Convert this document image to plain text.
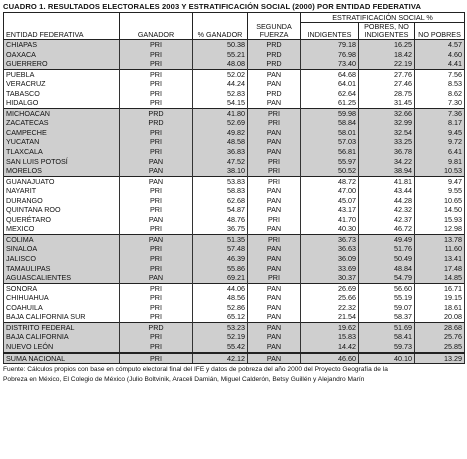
CUADRO 1. RESULTADOS ELECTORALES 2003 Y ESTRATIFICACIÓN SOCIAL (2000) POR ENTIDAD FEDERATIVA
ENTIDAD FEDERATIVA	GANADOR	% GANADOR	SEGUNDA FUERZA	ESTRATIFICACIÓN SOCIAL %		
				INDIGENTES	POBRES, NO INDIGENTES	NO POBRES
CHIAPAS	PRI	50.38	PRD	79.18	16.25	4.57
OAXACA	PRI	55.21	PRD	76.98	18.42	4.60
GUERRERO	PRI	48.08	PRD	73.40	22.19	4.41
PUEBLA	PRI	52.02	PAN	64.68	27.76	7.56
VERACRUZ	PRI	44.24	PAN	64.01	27.46	8.53
TABASCO	PRI	52.83	PRD	62.64	28.75	8.62
HIDALGO	PRI	54.15	PAN	61.25	31.45	7.30
MICHOACAN	PRD	41.80	PRI	59.98	32.66	7.36
ZACATECAS	PRD	52.69	PRI	58.84	32.99	8.17
CAMPECHE	PRI	49.82	PAN	58.01	32.54	9.45
YUCATAN	PRI	48.58	PAN	57.03	33.25	9.72
TLAXCALA	PRI	36.83	PAN	56.81	36.78	6.41
SAN LUIS POTOSÍ	PAN	47.52	PRI	55.97	34.22	9.81
MORELOS	PAN	38.10	PRI	50.52	38.94	10.53
GUANAJUATO	PAN	53.83	PRI	48.72	41.81	9.47
NAYARIT	PRI	58.83	PAN	47.00	43.44	9.55
DURANGO	PRI	62.68	PAN	45.07	44.28	10.65
QUINTANA ROO	PRI	54.87	PAN	43.17	42.32	14.50
QUERÉTARO	PAN	48.76	PRI	41.70	42.37	15.93
MEXICO	PRI	36.75	PAN	40.30	46.72	12.98
COLIMA	PAN	51.35	PRI	36.73	49.49	13.78
SINALOA	PRI	57.48	PAN	36.63	51.76	11.60
JALISCO	PRI	46.39	PAN	36.09	50.49	13.41
TAMAULIPAS	PRI	55.86	PAN	33.69	48.84	17.48
AGUASCALIENTES	PAN	69.21	PRI	30.37	54.79	14.85
SONORA	PRI	44.06	PAN	26.69	56.60	16.71
CHIHUAHUA	PRI	48.56	PAN	25.66	55.19	19.15
COAHUILA	PRI	52.86	PAN	22.32	59.07	18.61
BAJA CALIFORNIA SUR	PRI	65.12	PAN	21.54	58.37	20.08
DISTRITO FEDERAL	PRD	53.23	PAN	19.62	51.69	28.68
BAJA CALIFORNIA	PRI	52.19	PAN	15.83	58.41	25.76
NUEVO LEÓN	PRI	55.42	PAN	14.42	59.73	25.85
SUMA NACIONAL	PRI	42.12	PAN	46.60	40.10	13.29
Fuente: Cálculos propios con base en cómputo electoral final del IFE y datos de pobreza del año 2000 del Proyecto Geografía de la
Pobreza en México, El Colegio de México (Julio Boltvinik, Araceli Damián, Miguel Calderón, Betsy Guillén y Alejandro Marín
